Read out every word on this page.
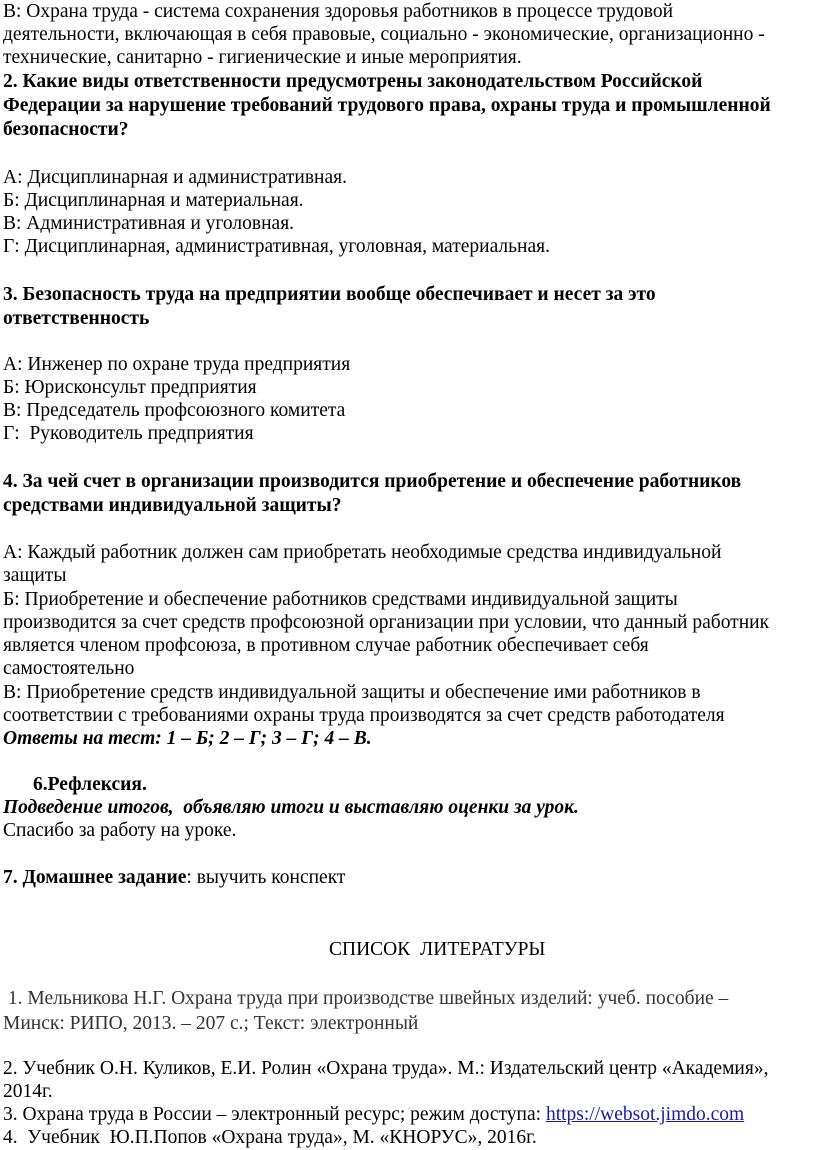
В: Охрана труда - система сохранения здоровья работников в процессе трудовой
деятельности, включающая в себя правовые, социально - экономические, организационно -
технические, санитарно - гигиенические и иные мероприятия.
2. Какие виды ответственности предусмотрены законодательством Российской
Федерации за нарушение требований трудового права, охраны труда и промышленной
безопасности?
А: Дисциплинарная и административная.
Б: Дисциплинарная и материальная.
В: Административная и уголовная.
Г: Дисциплинарная, административная, уголовная, материальная.
3. Безопасность труда на предприятии вообще обеспечивает и несет за это
ответственность
А: Инженер по охране труда предприятия
Б: Юрисконсульт предприятия
В: Председатель профсоюзного комитета
Г:  Руководитель предприятия
4. За чей счет в организации производится приобретение и обеспечение работников
средствами индивидуальной защиты?
А: Каждый работник должен сам приобретать необходимые средства индивидуальной
защиты
Б: Приобретение и обеспечение работников средствами индивидуальной защиты
производится за счет средств профсоюзной организации при условии, что данный работник
является членом профсоюза, в противном случае работник обеспечивает себя
самостоятельно
В: Приобретение средств индивидуальной защиты и обеспечение ими работников в
соответствии с требованиями охраны труда производятся за счет средств работодателя
Ответы на тест: 1 – Б; 2 – Г; 3 – Г; 4 – В.
6.Рефлексия.
Подведение итогов,  объявляю итоги и выставляю оценки за урок.
Спасибо за работу на уроке.
7. Домашнее задание: выучить конспект
СПИСОК  ЛИТЕРАТУРЫ
1. Мельникова Н.Г. Охрана труда при производстве швейных изделий: учеб. пособие –
Минск: РИПО, 2013. – 207 с.; Текст: электронный
2. Учебник О.Н. Куликов, Е.И. Ролин «Охрана труда». М.: Издательский центр «Академия»,
2014г.
3. Охрана труда в России – электронный ресурс; режим доступа: https://websot.jimdo.com
4.  Учебник  Ю.П.Попов «Охрана труда», М. «КНОРУС», 2016г.
